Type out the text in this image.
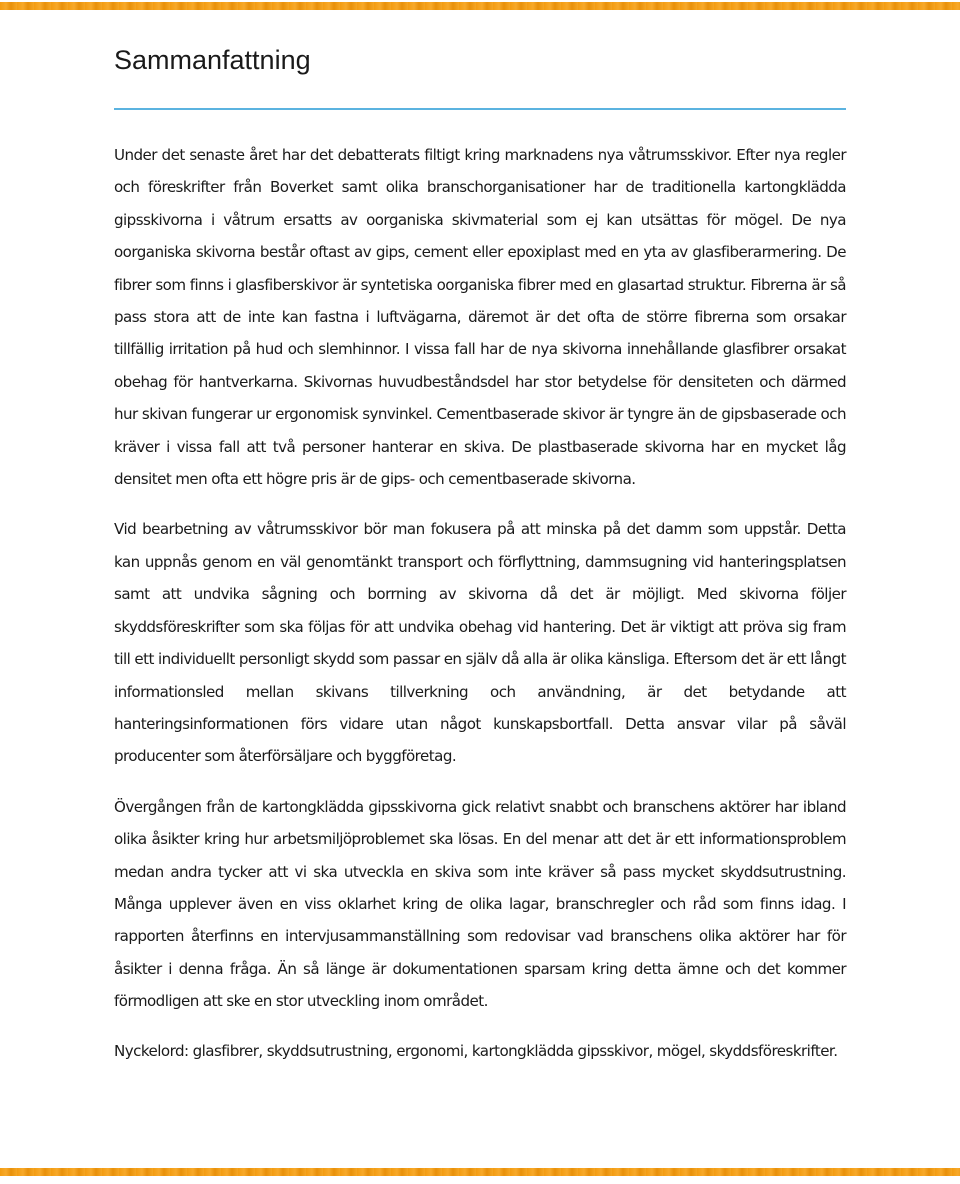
Sammanfattning

Under det senaste året har det debatterats filtigt kring marknadens nya våtrumsskivor. Efter nya regler och föreskrifter från Boverket samt olika branschorganisationer har de traditionella kartongklädda gipsskivorna i våtrum ersatts av oorganiska skivmaterial som ej kan utsättas för mögel. De nya oorganiska skivorna består oftast av gips, cement eller epoxiplast med en yta av glasfiberarmering. De fibrer som finns i glasfiberskivor är syntetiska oorganiska fibrer med en glasartad struktur. Fibrerna är så pass stora att de inte kan fastna i luftvägarna, däremot är det ofta de större fibrerna som orsakar tillfällig irritation på hud och slemhinnor. I vissa fall har de nya skivorna innehållande glasfibrer orsakat obehag för hantverkarna. Skivornas huvudbeståndsdel har stor betydelse för densiteten och därmed hur skivan fungerar ur ergonomisk synvinkel. Cementbaserade skivor är tyngre än de gipsbaserade och kräver i vissa fall att två personer hanterar en skiva. De plastbaserade skivorna har en mycket låg densitet men ofta ett högre pris är de gips- och cementbaserade skivorna.

Vid bearbetning av våtrumsskivor bör man fokusera på att minska på det damm som uppstår. Detta kan uppnås genom en väl genomtänkt transport och förflyttning, dammsugning vid hanteringsplatsen samt att undvika sågning och borrning av skivorna då det är möjligt. Med skivorna följer skyddsföreskrifter som ska följas för att undvika obehag vid hantering. Det är viktigt att pröva sig fram till ett individuellt personligt skydd som passar en själv då alla är olika känsliga. Eftersom det är ett långt informationsled mellan skivans tillverkning och användning, är det betydande att hanteringsinformationen förs vidare utan något kunskapsbortfall. Detta ansvar vilar på såväl producenter som återförsäljare och byggföretag.

Övergången från de kartongklädda gipsskivorna gick relativt snabbt och branschens aktörer har ibland olika åsikter kring hur arbetsmiljöproblemet ska lösas. En del menar att det är ett informationsproblem medan andra tycker att vi ska utveckla en skiva som inte kräver så pass mycket skyddsutrustning. Många upplever även en viss oklarhet kring de olika lagar, branschregler och råd som finns idag. I rapporten återfinns en intervjusammanställning som redovisar vad branschens olika aktörer har för åsikter i denna fråga. Än så länge är dokumentationen sparsam kring detta ämne och det kommer förmodligen att ske en stor utveckling inom området.

Nyckelord: glasfibrer, skyddsutrustning, ergonomi, kartongklädda gipsskivor, mögel, skyddsföreskrifter.
